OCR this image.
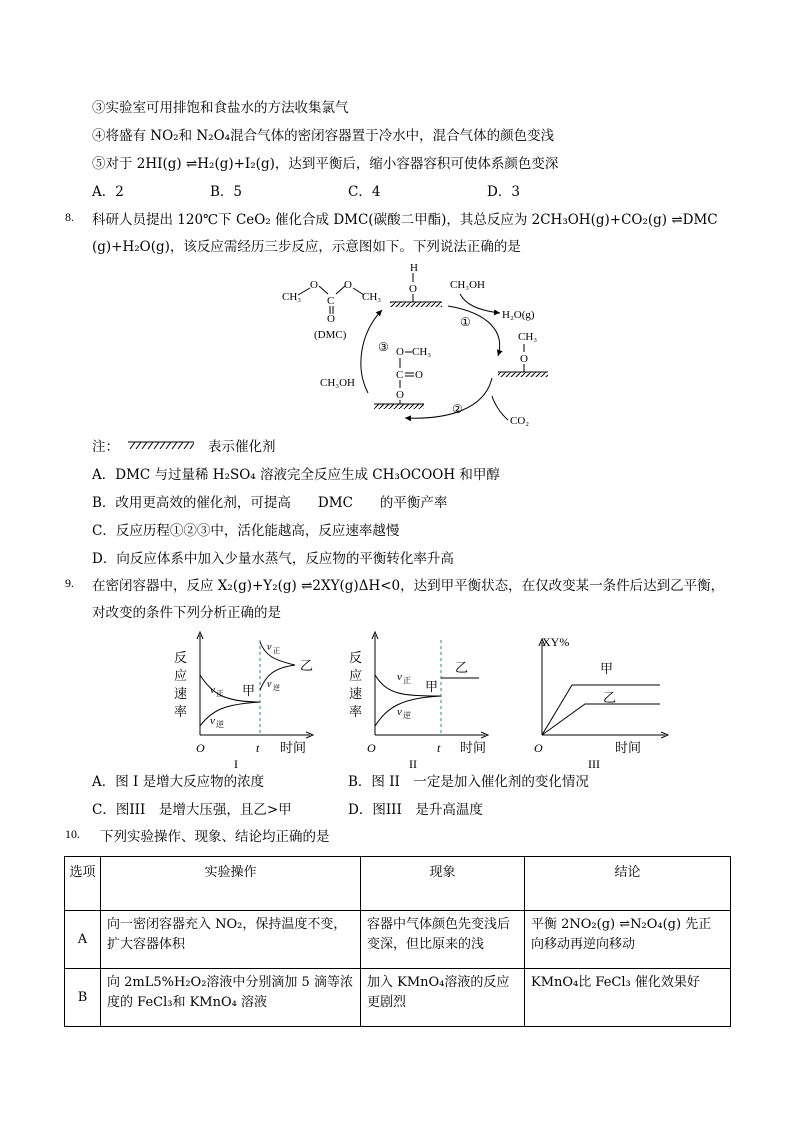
③实验室可用排饱和食盐水的方法收集氯气
④将盛有 NO₂和 N₂O₄混合气体的密闭容器置于冷水中，混合气体的颜色变浅
⑤对于 2HI(g) ⇌H₂(g)+I₂(g)，达到平衡后，缩小容器容积可使体系颜色变深
A．2	B．5	C．4	D．3
8. 科研人员提出 120℃下 CeO₂ 催化合成 DMC(碳酸二甲酯)，其总反应为 2CH₃OH(g)+CO₂(g) ⇌DMC
(g)+H₂O(g)，该反应需经历三步反应，示意图如下。下列说法正确的是
CH₃
O
C
O
CH₃
O
(DMC)
H
O	CH₃OH
H₂O(g)
①
CH₃
O
②
CO₂
O CH₃
C O
O
③
CH₃OH
注：	表示催化剂
A．DMC 与过量稀 H₂SO₄ 溶液完全反应生成 CH₃OCOOH 和甲醇
B．改用更高效的催化剂，可提高　　DMC　　的平衡产率
C．反应历程①②③中，活化能越高，反应速率越慢
D．向反应体系中加入少量水蒸气，反应物的平衡转化率升高
9. 在密闭容器中，反应 X₂(g)+Y₂(g) ⇌2XY(g)ΔH<0，达到甲平衡状态，在仅改变某一条件后达到乙平衡，
对改变的条件下列分析正确的是
反
应
速
率
v 正
v 逆
甲
v 正
v 逆
乙
O	t 时间
I
反
应
速
率
v 正
v 逆
甲
乙
O	t 时间
II
XY%
甲
乙
O	时间
III
A．图 I 是增大反应物的浓度	B．图 II　一定是加入催化剂的变化情况
C．图III　是增大压强，且乙>甲	D．图III　是升高温度
10. 下列实验操作、现象、结论均正确的是
选项	实验操作	现象	结论
A	向一密闭容器充入 NO₂，保持温度不变，扩大容器体积	容器中气体颜色先变浅后变深，但比原来的浅	平衡 2NO₂(g) ⇌N₂O₄(g) 先正向移动再逆向移动
B	向 2mL5%H₂O₂溶液中分别滴加 5 滴等浓度的 FeCl₃和 KMnO₄ 溶液	加入 KMnO₄溶液的反应更剧烈	KMnO₄比 FeCl₃ 催化效果好
